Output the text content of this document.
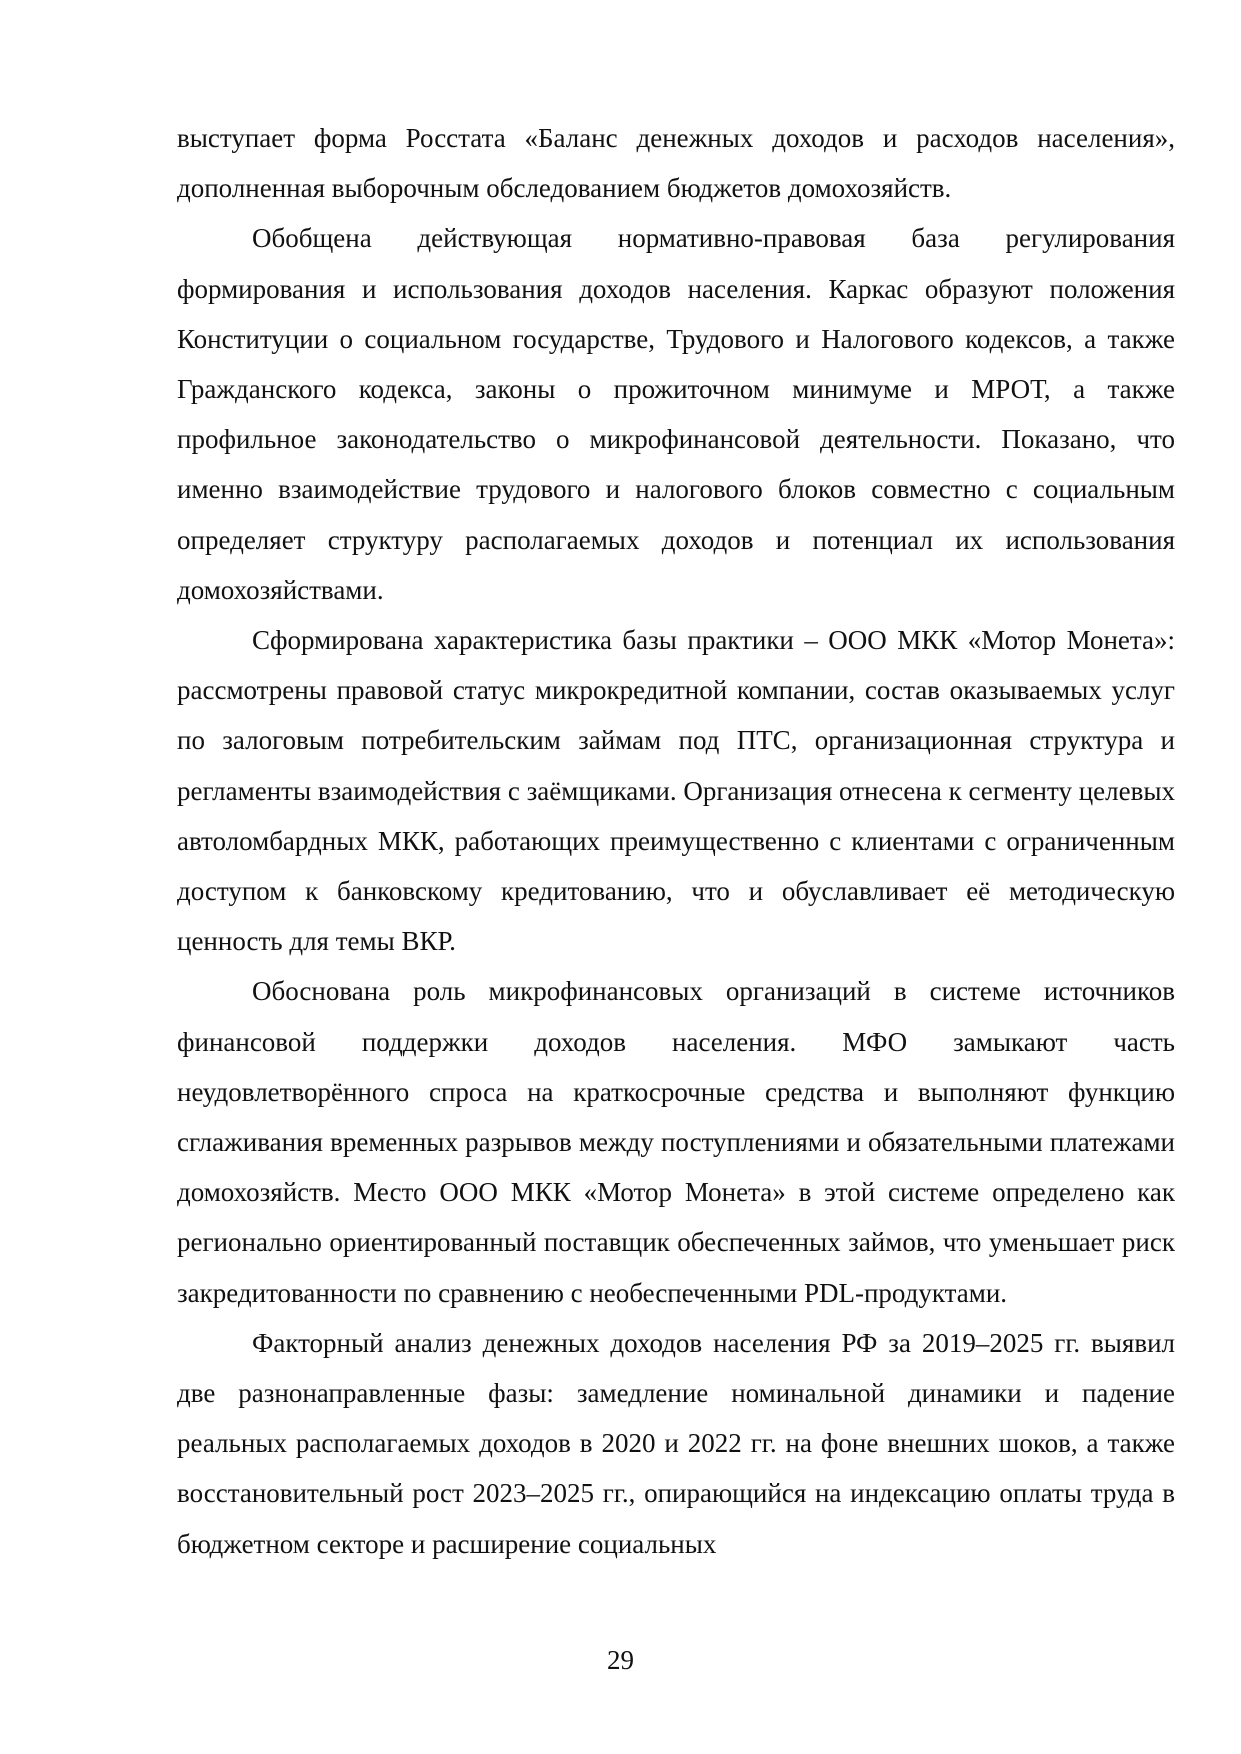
выступает форма Росстата «Баланс денежных доходов и расходов населения», дополненная выборочным обследованием бюджетов домохозяйств.

Обобщена действующая нормативно-правовая база регулирования формирования и использования доходов населения. Каркас образуют положения Конституции о социальном государстве, Трудового и Налогового кодексов, а также Гражданского кодекса, законы о прожиточном минимуме и МРОТ, а также профильное законодательство о микрофинансовой деятельности. Показано, что именно взаимодействие трудового и налогового блоков совместно с социальным определяет структуру располагаемых доходов и потенциал их использования домохозяйствами.

Сформирована характеристика базы практики – ООО МКК «Мотор Монета»: рассмотрены правовой статус микрокредитной компании, состав оказываемых услуг по залоговым потребительским займам под ПТС, организационная структура и регламенты взаимодействия с заёмщиками. Организация отнесена к сегменту целевых автоломбардных МКК, работающих преимущественно с клиентами с ограниченным доступом к банковскому кредитованию, что и обуславливает её методическую ценность для темы ВКР.

Обоснована роль микрофинансовых организаций в системе источников финансовой поддержки доходов населения. МФО замыкают часть неудовлетворённого спроса на краткосрочные средства и выполняют функцию сглаживания временных разрывов между поступлениями и обязательными платежами домохозяйств. Место ООО МКК «Мотор Монета» в этой системе определено как регионально ориентированный поставщик обеспеченных займов, что уменьшает риск закредитованности по сравнению с необеспеченными PDL-продуктами.

Факторный анализ денежных доходов населения РФ за 2019–2025 гг. выявил две разнонаправленные фазы: замедление номинальной динамики и падение реальных располагаемых доходов в 2020 и 2022 гг. на фоне внешних шоков, а также восстановительный рост 2023–2025 гг., опирающийся на индексацию оплаты труда в бюджетном секторе и расширение социальных

29
